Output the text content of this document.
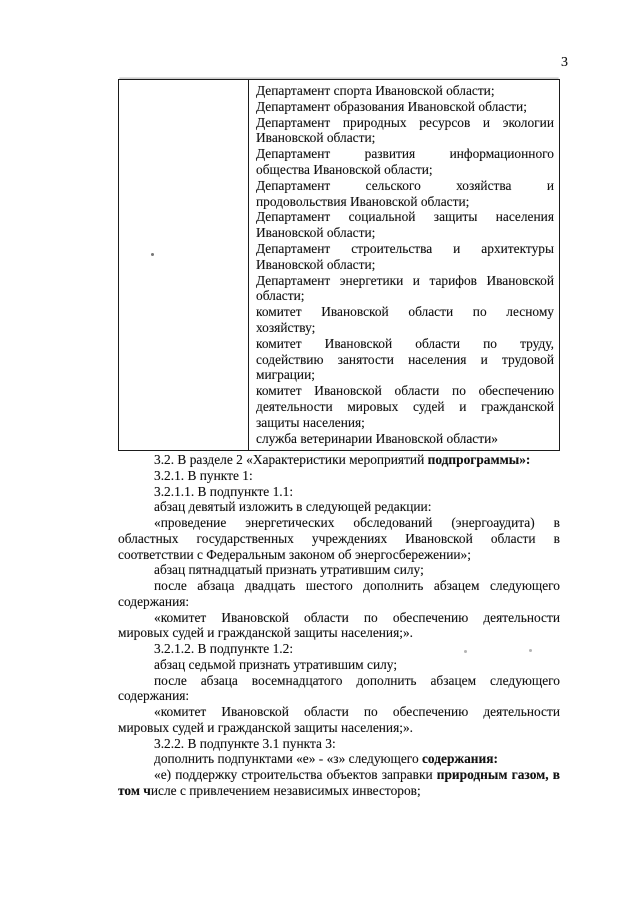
3
Департамент спорта Ивановской области;
Департамент образования Ивановской области;
Департамент природных ресурсов и экологии
Ивановской области;
Департамент развития информационного
общества Ивановской области;
Департамент сельского хозяйства и
продовольствия Ивановской области;
Департамент социальной защиты населения
Ивановской области;
Департамент строительства и архитектуры
Ивановской области;
Департамент энергетики и тарифов Ивановской
области;
комитет Ивановской области по лесному
хозяйству;
комитет Ивановской области по труду,
содействию занятости населения и трудовой
миграции;
комитет Ивановской области по обеспечению
деятельности мировых судей и гражданской
защиты населения;
служба ветеринарии Ивановской области»
3.2. В разделе 2 «Характеристики мероприятий подпрограммы»:
3.2.1. В пункте 1:
3.2.1.1. В подпункте 1.1:
абзац девятый изложить в следующей редакции:
«проведение энергетических обследований (энергоаудита) в
областных государственных учреждениях Ивановской области в
соответствии с Федеральным законом об энергосбережении»;
абзац пятнадцатый признать утратившим силу;
после абзаца двадцать шестого дополнить абзацем следующего
содержания:
«комитет Ивановской области по обеспечению деятельности
мировых судей и гражданской защиты населения;».
3.2.1.2. В подпункте 1.2:
абзац седьмой признать утратившим силу;
после абзаца восемнадцатого дополнить абзацем следующего
содержания:
«комитет Ивановской области по обеспечению деятельности
мировых судей и гражданской защиты населения;».
3.2.2. В подпункте 3.1 пункта 3:
дополнить подпунктами «е» - «з» следующего содержания:
«е) поддержку строительства объектов заправки природным газом, в
том числе с привлечением независимых инвесторов;
